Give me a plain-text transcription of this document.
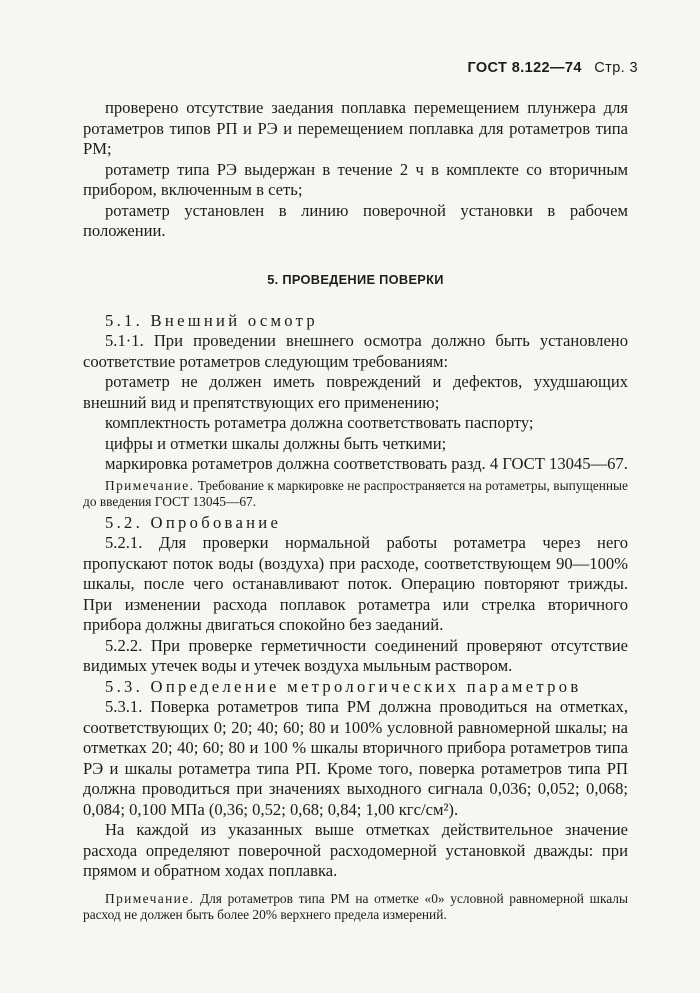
ГОСТ 8.122—74 Стр. 3

проверено отсутствие заедания поплавка перемещением плунжера для ротаметров типов РП и РЭ и перемещением поплавка для ротаметров типа РМ;

ротаметр типа РЭ выдержан в течение 2 ч в комплекте со вторичным прибором, включенным в сеть;

ротаметр установлен в линию поверочной установки в рабочем положении.

5. ПРОВЕДЕНИЕ ПОВЕРКИ

5.1. Внешний осмотр

5.1·1. При проведении внешнего осмотра должно быть установлено соответствие ротаметров следующим требованиям:

ротаметр не должен иметь повреждений и дефектов, ухудшающих внешний вид и препятствующих его применению;

комплектность ротаметра должна соответствовать паспорту;

цифры и отметки шкалы должны быть четкими;

маркировка ротаметров должна соответствовать разд. 4 ГОСТ 13045—67.

Примечание. Требование к маркировке не распространяется на ротаметры, выпущенные до введения ГОСТ 13045—67.

5.2. Опробование

5.2.1. Для проверки нормальной работы ротаметра через него пропускают поток воды (воздуха) при расходе, соответствующем 90—100% шкалы, после чего останавливают поток. Операцию повторяют трижды. При изменении расхода поплавок ротаметра или стрелка вторичного прибора должны двигаться спокойно без заеданий.

5.2.2. При проверке герметичности соединений проверяют отсутствие видимых утечек воды и утечек воздуха мыльным раствором.

5.3. Определение метрологических параметров

5.3.1. Поверка ротаметров типа РМ должна проводиться на отметках, соответствующих 0; 20; 40; 60; 80 и 100% условной равномерной шкалы; на отметках 20; 40; 60; 80 и 100 % шкалы вторичного прибора ротаметров типа РЭ и шкалы ротаметра типа РП. Кроме того, поверка ротаметров типа РП должна проводиться при значениях выходного сигнала 0,036; 0,052; 0,068; 0,084; 0,100 МПа (0,36; 0,52; 0,68; 0,84; 1,00 кгс/см²).

На каждой из указанных выше отметках действительное значение расхода определяют поверочной расходомерной установкой дважды: при прямом и обратном ходах поплавка.

Примечание. Для ротаметров типа РМ на отметке «0» условной равномерной шкалы расход не должен быть более 20% верхнего предела измерений.
